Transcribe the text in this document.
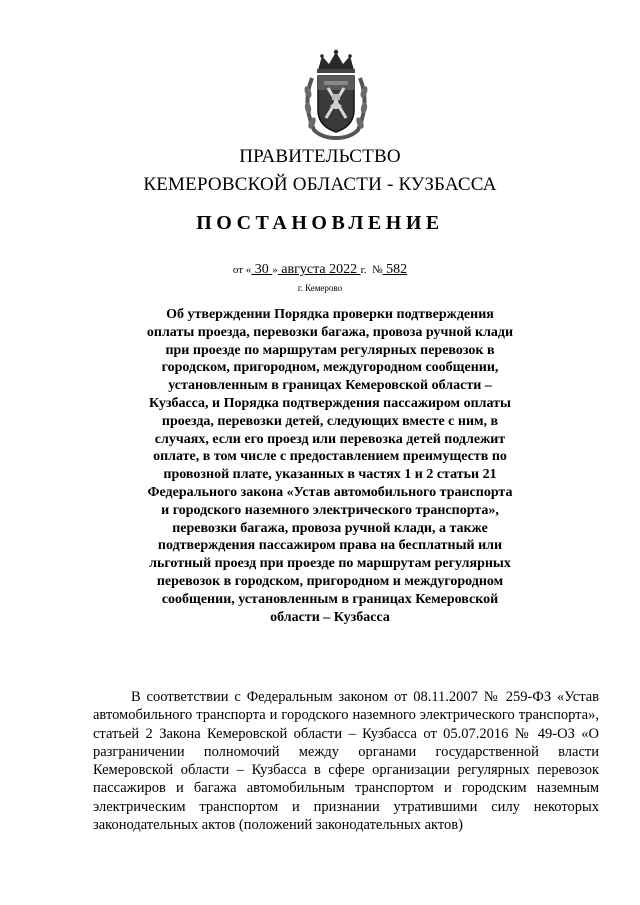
ПРАВИТЕЛЬСТВО
КЕМЕРОВСКОЙ ОБЛАСТИ - КУЗБАССА
ПОСТАНОВЛЕНИЕ
от « 30 » августа 2022 г. № 582
г. Кемерово
Об утверждении Порядка проверки подтверждения оплаты проезда, перевозки багажа, провоза ручной клади при проезде по маршрутам регулярных перевозок в городском, пригородном, междугородном сообщении, установленным в границах Кемеровской области – Кузбасса, и Порядка подтверждения пассажиром оплаты проезда, перевозки детей, следующих вместе с ним, в случаях, если его проезд или перевозка детей подлежит оплате, в том числе с предоставлением преимуществ по провозной плате, указанных в частях 1 и 2 статьи 21 Федерального закона «Устав автомобильного транспорта и городского наземного электрического транспорта», перевозки багажа, провоза ручной клади, а также подтверждения пассажиром права на бесплатный или льготный проезд при проезде по маршрутам регулярных перевозок в городском, пригородном и междугородном сообщении, установленным в границах Кемеровской области – Кузбасса

В соответствии с Федеральным законом от 08.11.2007 № 259-ФЗ «Устав автомобильного транспорта и городского наземного электрического транспорта», статьей 2 Закона Кемеровской области – Кузбасса от 05.07.2016 № 49-ОЗ «О разграничении полномочий между органами государственной власти Кемеровской области – Кузбасса в сфере организации регулярных перевозок пассажиров и багажа автомобильным транспортом и городским наземным электрическим транспортом и признании утратившими силу некоторых законодательных актов (положений законодательных актов)
